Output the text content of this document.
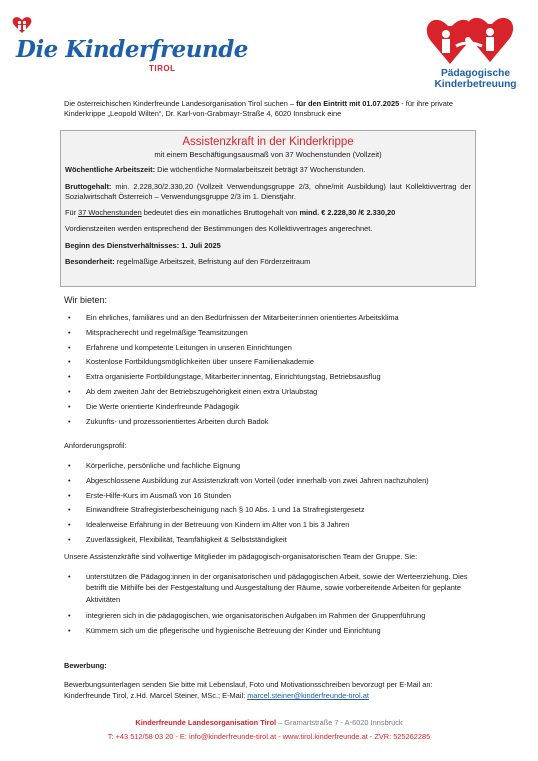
Die Kinderfreunde
TIROL	Pädagogische
Kinderbetreuung
Die österreichischen Kinderfreunde Landesorganisation Tirol suchen – für den Eintritt mit 01.07.2025 - für ihre private Kinderkrippe „Leopold Wilten“, Dr. Karl-von-Grabmayr-Straße 4, 6020 Innsbruck eine
Assistenzkraft in der Kinderkrippe
mit einem Beschäftigungsausmaß von 37 Wochenstunden (Vollzeit)

Wöchentliche Arbeitszeit: Die wöchentliche Normalarbeitszeit beträgt 37 Wochenstunden.

Bruttogehalt: min. 2.228,30/2.330,20 (Vollzeit Verwendungsgruppe 2/3, ohne/mit Ausbildung) laut Kollektivvertrag der Sozialwirtschaft Österreich – Verwendungsgruppe 2/3 im 1. Dienstjahr.

Für 37 Wochenstunden bedeutet dies ein monatliches Bruttogehalt von mind. € 2.228,30 /€ 2.330,20

Vordienstzeiten werden entsprechend der Bestimmungen des Kollektivvertrages angerechnet.

Beginn des Dienstverhältnisses: 1. Juli 2025

Besonderheit: regelmäßige Arbeitszeit, Befristung auf den Förderzeitraum

Wir bieten:
• Ein ehrliches, familiäres und an den Bedürfnissen der Mitarbeiter:innen orientiertes Arbeitsklima
• Mitspracherecht und regelmäßige Teamsitzungen
• Erfahrene und kompetente Leitungen in unseren Einrichtungen
• Kostenlose Fortbildungsmöglichkeiten über unsere Familienakademie
• Extra organisierte Fortbildungstage, Mitarbeiter:innentag, Einrichtungstag, Betriebsausflug
• Ab dem zweiten Jahr der Betriebszugehörigkeit einen extra Urlaubstag
• Die Werte orientierte Kinderfreunde Pädagogik
• Zukunfts- und prozessorientiertes Arbeiten durch Badok
Anforderungsprofil:
• Körperliche, persönliche und fachliche Eignung
• Abgeschlossene Ausbildung zur Assistenzkraft von Vorteil (oder innerhalb von zwei Jahren nachzuholen)
• Erste-Hilfe-Kurs im Ausmaß von 16 Stunden
• Einwandfreie Strafregisterbescheinigung nach § 10 Abs. 1 und 1a Strafregistergesetz
• Idealerweise Erfahrung in der Betreuung von Kindern im Alter von 1 bis 3 Jahren
• Zuverlässigkeit, Flexibilität, Teamfähigkeit & Selbstständigkeit
Unsere Assistenzkräfte sind vollwertige Mitglieder im pädagogisch-organisatorischen Team der Gruppe. Sie:
• unterstützen die Pädagog:innen in der organisatorischen und pädagogischen Arbeit, sowie der Werteerziehung. Dies betrifft die Mithilfe bei der Festgestaltung und Ausgestaltung der Räume, sowie vorbereitende Arbeiten für geplante Aktivitäten
• integrieren sich in die pädagogischen, wie organisatorischen Aufgaben im Rahmen der Gruppenführung
• Kümmern sich um die pflegerische und hygienische Betreuung der Kinder und Einrichtung
Bewerbung:
Bewerbungsunterlagen senden Sie bitte mit Lebenslauf, Foto und Motivationsschreiben bevorzugt per E-Mail an: Kinderfreunde Tirol, z.Hd. Marcel Steiner, MSc.; E-Mail: marcel.steiner@kinderfreunde-tirol.at
Kinderfreunde Landesorganisation Tirol – Gramartstraße 7 - A-6020 Innsbruck
T: +43 512/58 03 20 - E: info@kinderfreunde-tirol.at - www.tirol.kinderfreunde.at - ZVR: 525262285
